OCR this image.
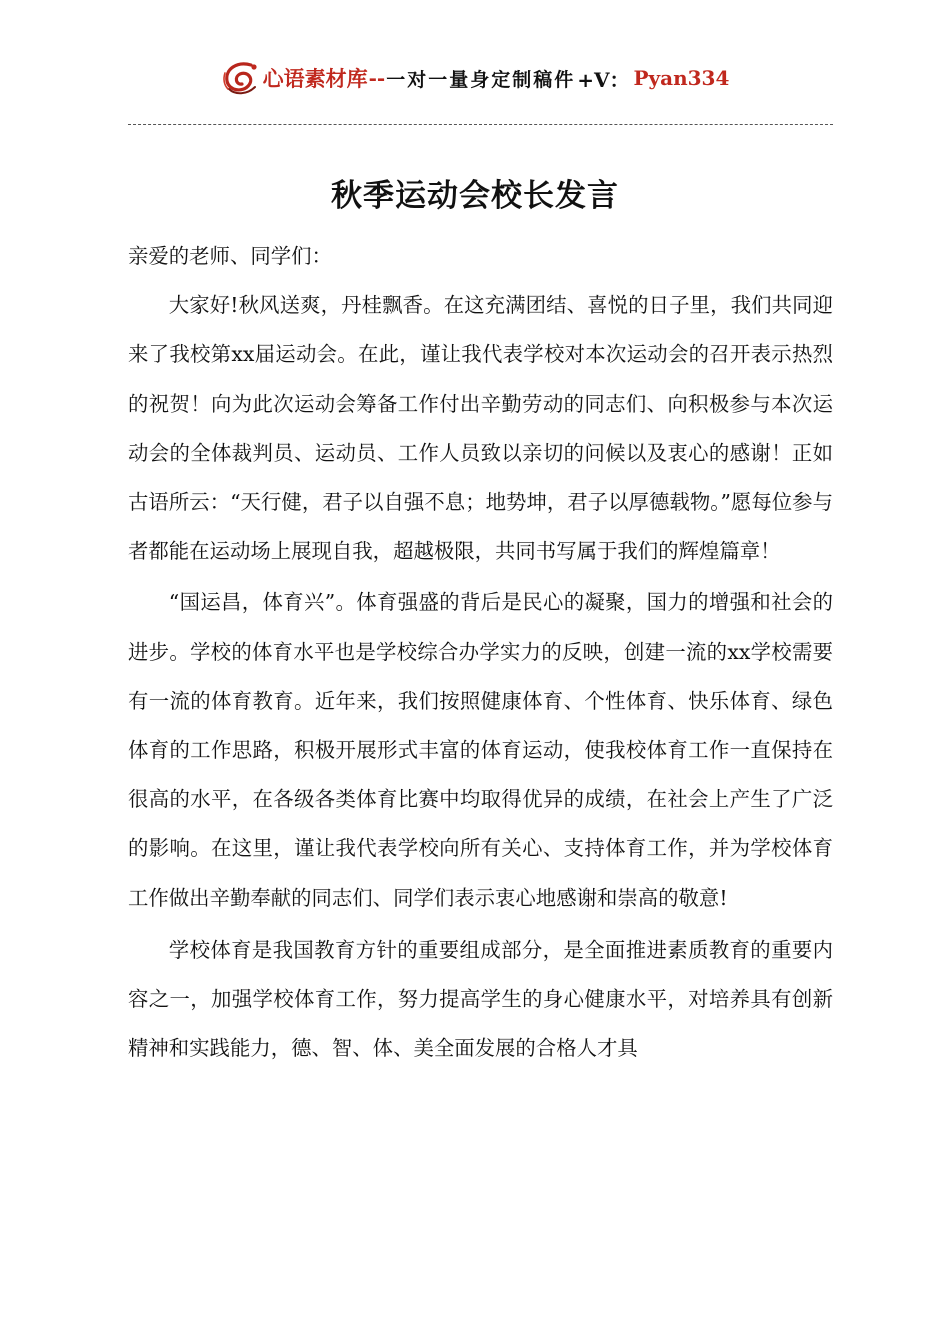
心语素材库 -- 一对一量身定制稿件 +V： Pyan334
秋季运动会校长发言

亲爱的老师、同学们：

大家好!秋风送爽，丹桂飘香。在这充满团结、喜悦的日子里，我们共同迎来了我校第xx届运动会。在此，谨让我代表学校对本次运动会的召开表示热烈的祝贺！向为此次运动会筹备工作付出辛勤劳动的同志们、向积极参与本次运动会的全体裁判员、运动员、工作人员致以亲切的问候以及衷心的感谢！正如古语所云：“天行健，君子以自强不息；地势坤，君子以厚德载物。”愿每位参与者都能在运动场上展现自我，超越极限，共同书写属于我们的辉煌篇章！

“国运昌，体育兴”。体育强盛的背后是民心的凝聚，国力的增强和社会的进步。学校的体育水平也是学校综合办学实力的反映，创建一流的xx学校需要有一流的体育教育。近年来，我们按照健康体育、个性体育、快乐体育、绿色体育的工作思路，积极开展形式丰富的体育运动，使我校体育工作一直保持在很高的水平，在各级各类体育比赛中均取得优异的成绩，在社会上产生了广泛的影响。在这里，谨让我代表学校向所有关心、支持体育工作，并为学校体育工作做出辛勤奉献的同志们、同学们表示衷心地感谢和崇高的敬意!

学校体育是我国教育方针的重要组成部分，是全面推进素质教育的重要内容之一，加强学校体育工作，努力提高学生的身心健康水平，对培养具有创新精神和实践能力，德、智、体、美全面发展的合格人才具
